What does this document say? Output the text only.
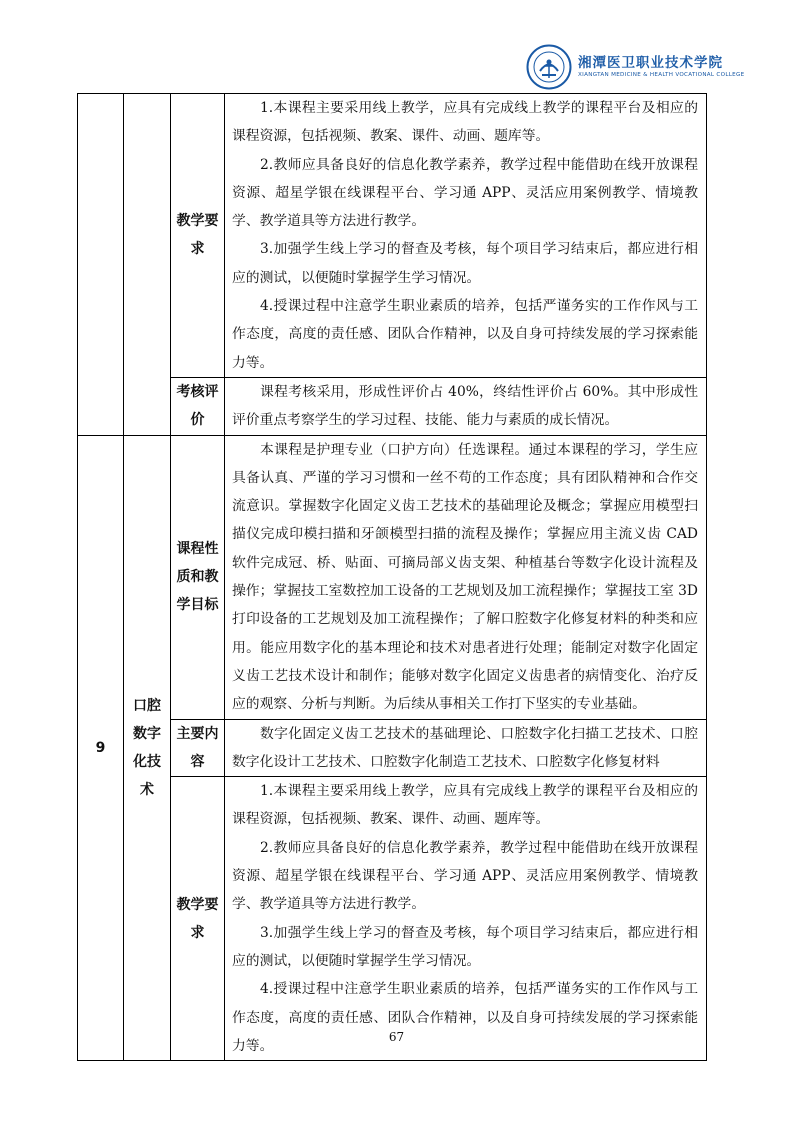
湘潭医卫职业技术学院
XIANGTAN MEDICINE & HEALTH VOCATIONAL COLLEGE

		教学要求	1.本课程主要采用线上教学，应具有完成线上教学的课程平台及相应的课程资源，包括视频、教案、课件、动画、题库等。

2.教师应具备良好的信息化教学素养，教学过程中能借助在线开放课程资源、超星学银在线课程平台、学习通 APP、灵活应用案例教学、情境教学、教学道具等方法进行教学。

3.加强学生线上学习的督查及考核，每个项目学习结束后，都应进行相应的测试，以便随时掌握学生学习情况。

4.授课过程中注意学生职业素质的培养，包括严谨务实的工作作风与工作态度，高度的责任感、团队合作精神，以及自身可持续发展的学习探索能力等。

		考核评价	课程考核采用，形成性评价占 40%，终结性评价占 60%。其中形成性评价重点考察学生的学习过程、技能、能力与素质的成长情况。

9	口腔数字化技术	课程性质和教学目标	本课程是护理专业（口护方向）任选课程。通过本课程的学习，学生应具备认真、严谨的学习习惯和一丝不苟的工作态度；具有团队精神和合作交流意识。掌握数字化固定义齿工艺技术的基础理论及概念；掌握应用模型扫描仪完成印模扫描和牙颌模型扫描的流程及操作；掌握应用主流义齿 CAD 软件完成冠、桥、贴面、可摘局部义齿支架、种植基台等数字化设计流程及操作；掌握技工室数控加工设备的工艺规划及加工流程操作；掌握技工室 3D 打印设备的工艺规划及加工流程操作；了解口腔数字化修复材料的种类和应用。能应用数字化的基本理论和技术对患者进行处理；能制定对数字化固定义齿工艺技术设计和制作；能够对数字化固定义齿患者的病情变化、治疗反应的观察、分析与判断。为后续从事相关工作打下坚实的专业基础。

		主要内容	数字化固定义齿工艺技术的基础理论、口腔数字化扫描工艺技术、口腔数字化设计工艺技术、口腔数字化制造工艺技术、口腔数字化修复材料

		教学要求	1.本课程主要采用线上教学，应具有完成线上教学的课程平台及相应的课程资源，包括视频、教案、课件、动画、题库等。

2.教师应具备良好的信息化教学素养，教学过程中能借助在线开放课程资源、超星学银在线课程平台、学习通 APP、灵活应用案例教学、情境教学、教学道具等方法进行教学。

3.加强学生线上学习的督查及考核，每个项目学习结束后，都应进行相应的测试，以便随时掌握学生学习情况。

4.授课过程中注意学生职业素质的培养，包括严谨务实的工作作风与工作态度，高度的责任感、团队合作精神，以及自身可持续发展的学习探索能力等。

67
